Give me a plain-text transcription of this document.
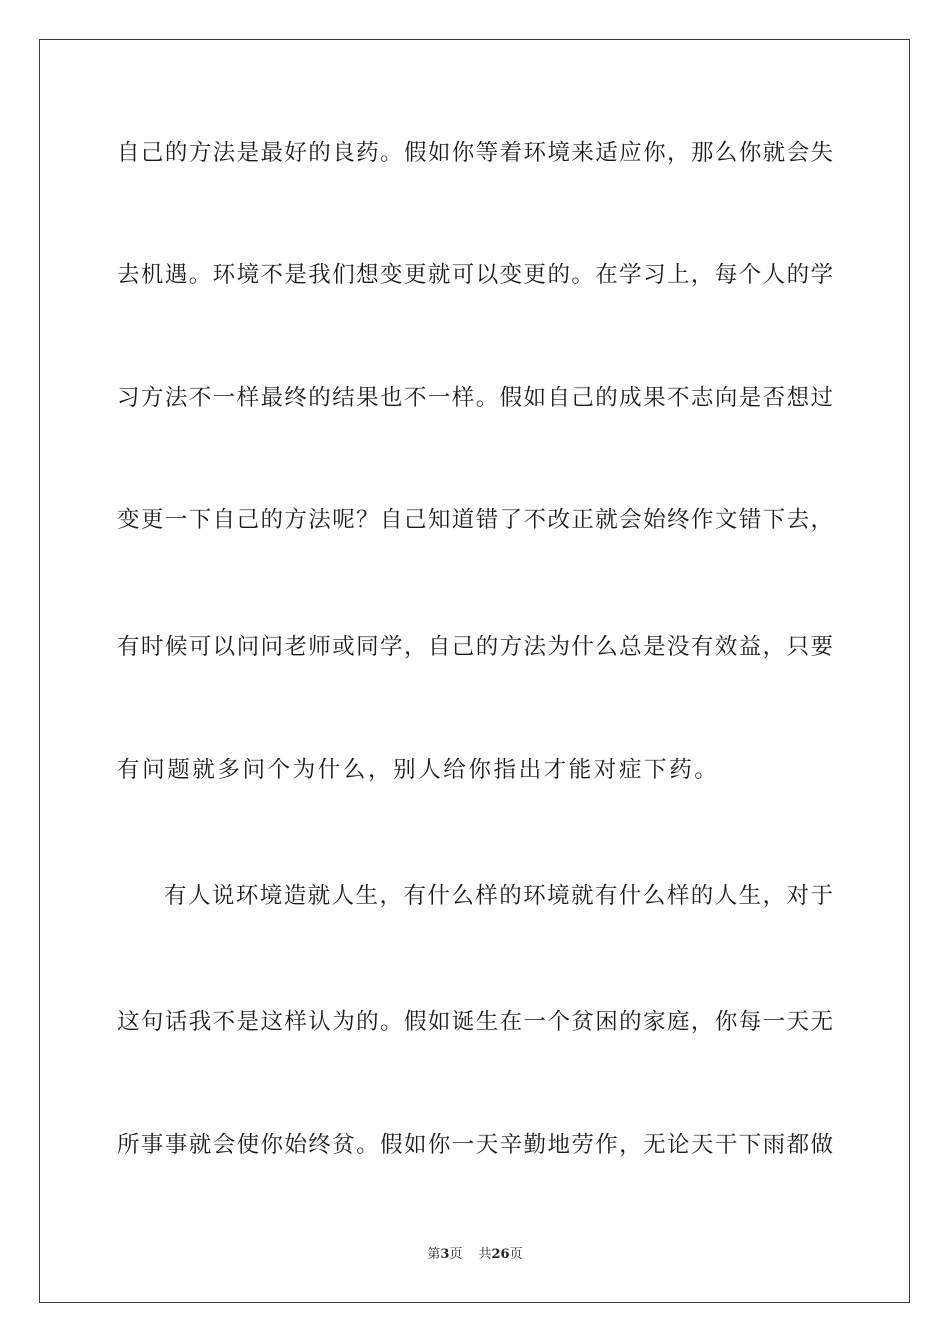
自己的方法是最好的良药。假如你等着环境来适应你，那么你就会失
去机遇。环境不是我们想变更就可以变更的。在学习上，每个人的学
习方法不一样最终的结果也不一样。假如自己的成果不志向是否想过
变更一下自己的方法呢？自己知道错了不改正就会始终作文错下去，
有时候可以问问老师或同学，自己的方法为什么总是没有效益，只要
有问题就多问个为什么，别人给你指出才能对症下药。
有人说环境造就人生，有什么样的环境就有什么样的人生，对于
这句话我不是这样认为的。假如诞生在一个贫困的家庭，你每一天无
所事事就会使你始终贫。假如你一天辛勤地劳作，无论天干下雨都做
第3页 共26页
